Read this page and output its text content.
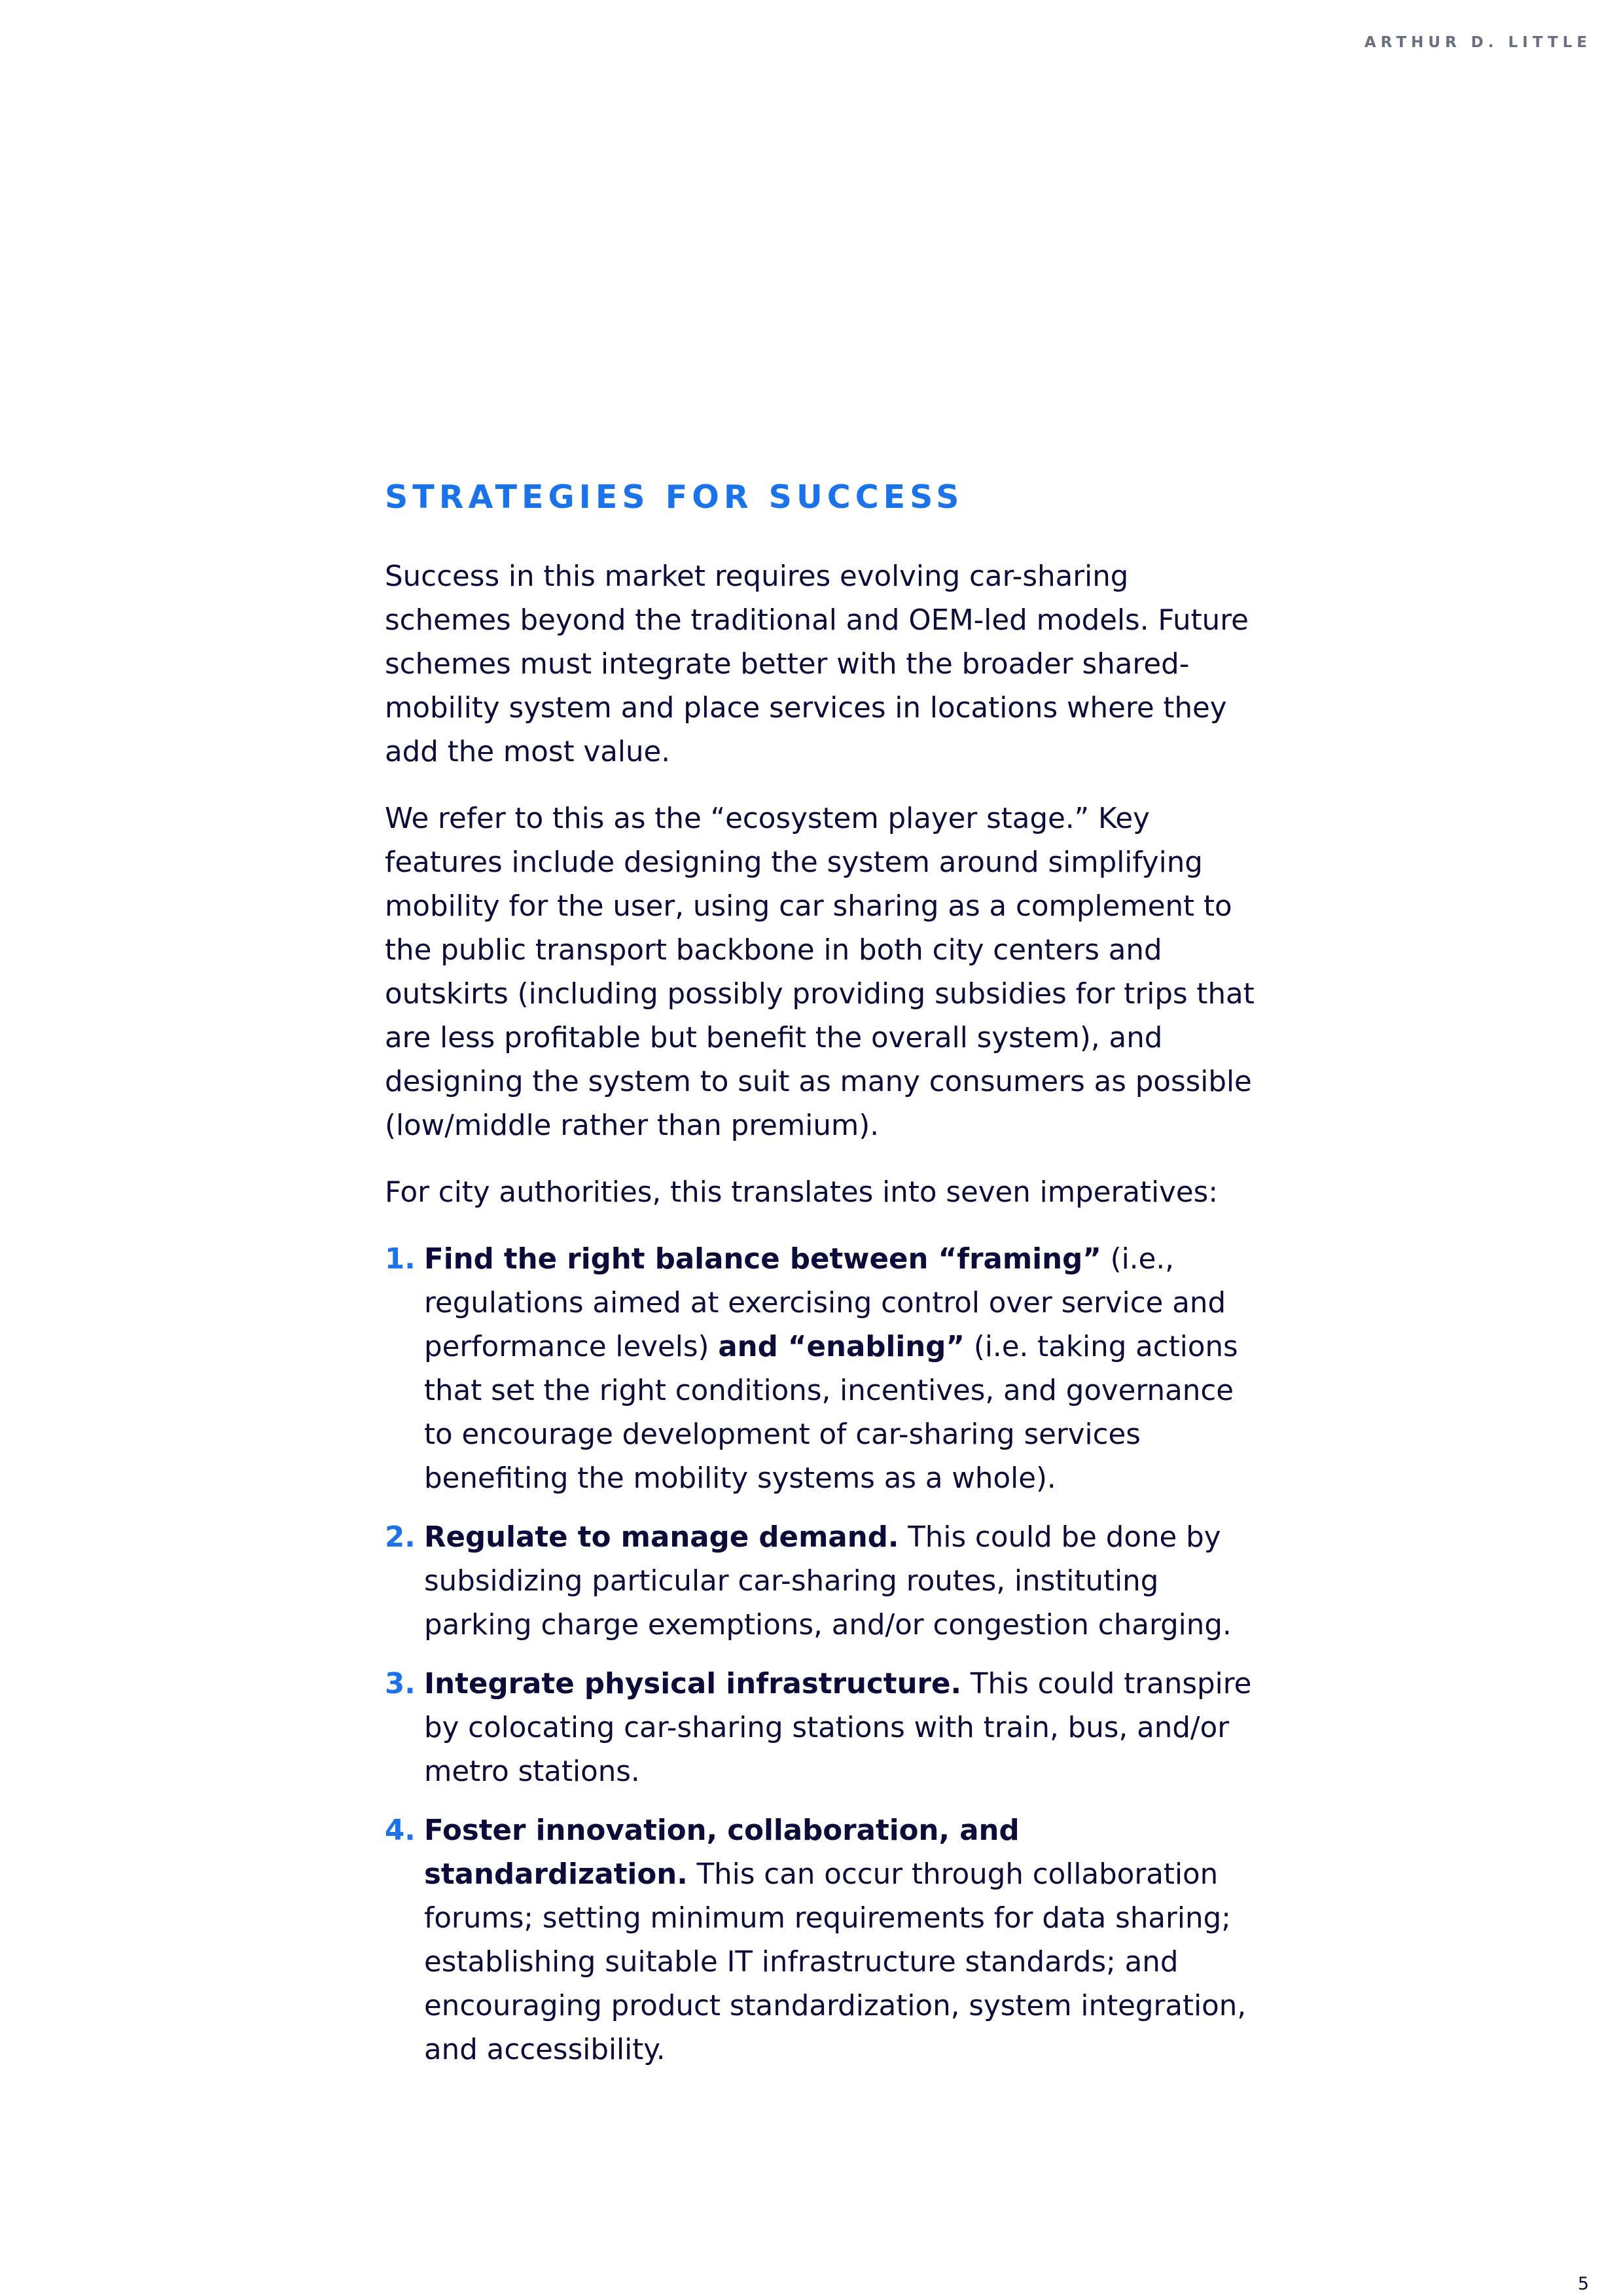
ARTHUR D. LITTLE
STRATEGIES FOR SUCCESS

Success in this market requires evolving car-sharing schemes beyond the traditional and OEM-led models. Future schemes must integrate better with the broader shared-mobility system and place services in locations where they add the most value.

We refer to this as the “ecosystem player stage.” Key features include designing the system around simplifying mobility for the user, using car sharing as a complement to the public transport backbone in both city centers and outskirts (including possibly providing subsidies for trips that are less profitable but benefit the overall system), and designing the system to suit as many consumers as possible (low/middle rather than premium).

For city authorities, this translates into seven imperatives:

1. Find the right balance between “framing” (i.e., regulations aimed at exercising control over service and performance levels) and “enabling” (i.e. taking actions that set the right conditions, incentives, and governance to encourage development of car-sharing services benefiting the mobility systems as a whole).
2. Regulate to manage demand. This could be done by subsidizing particular car-sharing routes, instituting parking charge exemptions, and/or congestion charging.
3. Integrate physical infrastructure. This could transpire by colocating car-sharing stations with train, bus, and/or metro stations.
4. Foster innovation, collaboration, and standardization. This can occur through collaboration forums; setting minimum requirements for data sharing; establishing suitable IT infrastructure standards; and encouraging product standardization, system integration, and accessibility.
5
